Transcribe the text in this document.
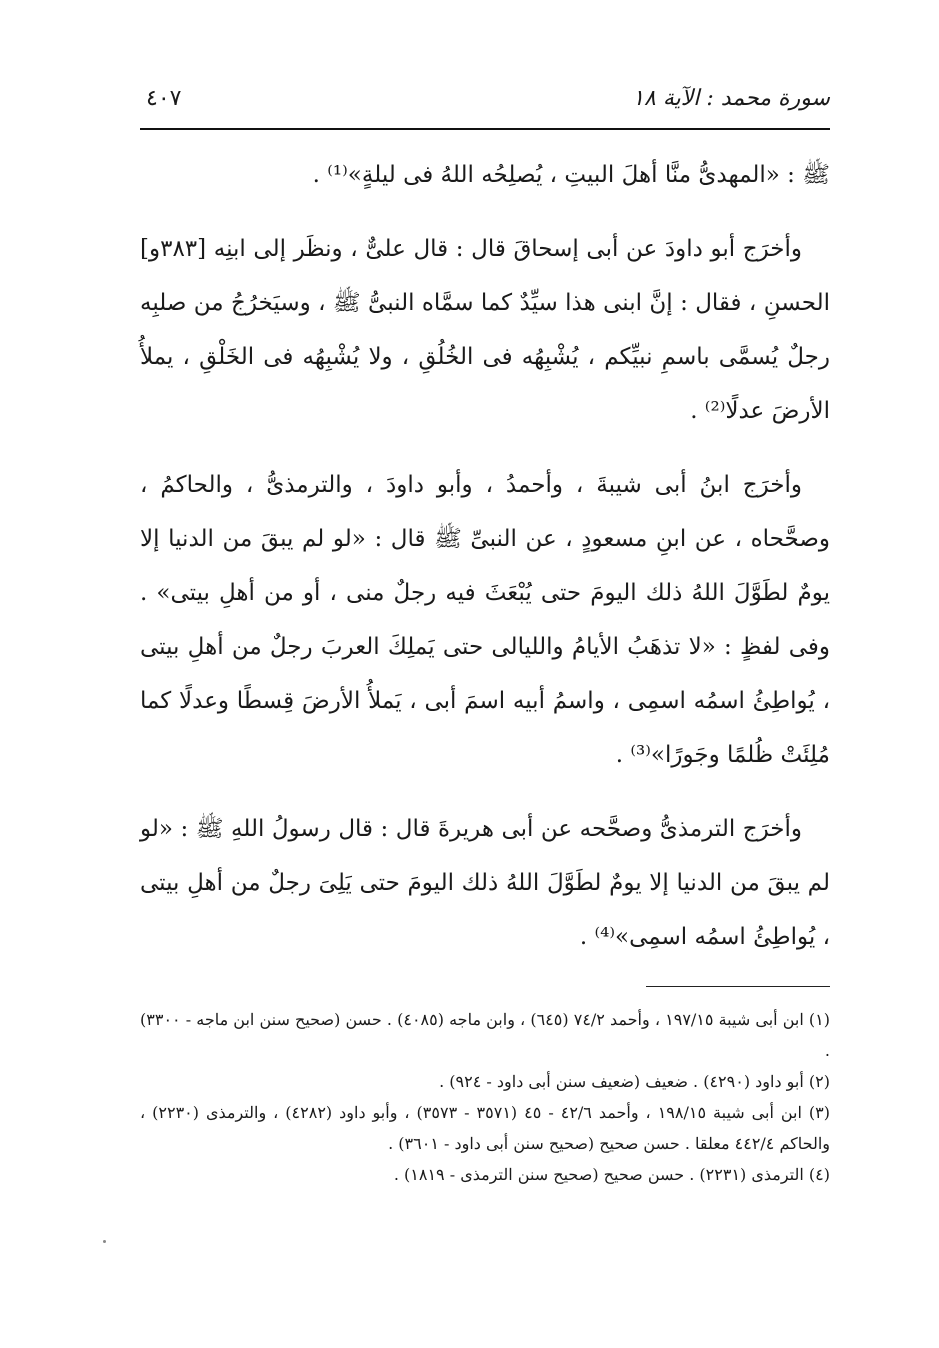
سورة محمد : الآية ١٨
٤٠٧

ﷺ : «المهدىُّ منَّا أهلَ البيتِ ، يُصلِحُه اللهُ فى ليلةٍ»⁽¹⁾ .

وأخرَج أبو داودَ عن أبى إسحاقَ قال : قال علىٌّ ، ونظَر إلى ابنِه [٣٨٣و] الحسنِ ، فقال : إنَّ ابنى هذا سيِّدٌ كما سمَّاه النبىُّ ﷺ ، وسيَخرُجُ من صلبِه رجلٌ يُسمَّى باسمِ نبيِّكم ، يُشْبِهُه فى الخُلُقِ ، ولا يُشْبِهُه فى الخَلْقِ ، يملأُ الأرضَ عدلًا⁽²⁾ .

وأخرَج ابنُ أبى شيبةَ ، وأحمدُ ، وأبو داودَ ، والترمذىُّ ، والحاكمُ ، وصحَّحاه ، عن ابنِ مسعودٍ ، عن النبىِّ ﷺ قال : «لو لم يبقَ من الدنيا إلا يومٌ لطَوَّلَ اللهُ ذلك اليومَ حتى يُبْعَثَ فيه رجلٌ منى ، أو من أهلِ بيتى» . وفى لفظٍ : «لا تذهَبُ الأيامُ والليالى حتى يَملِكَ العربَ رجلٌ من أهلِ بيتى ، يُواطِئُ اسمُه اسمِى ، واسمُ أبيه اسمَ أبى ، يَملأُ الأرضَ قِسطًا وعدلًا كما مُلِئَتْ ظُلمًا وجَورًا»⁽³⁾ .

وأخرَج الترمذىُّ وصحَّحه عن أبى هريرةَ قال : قال رسولُ اللهِ ﷺ : «لو لم يبقَ من الدنيا إلا يومٌ لطَوَّلَ اللهُ ذلك اليومَ حتى يَلِىَ رجلٌ من أهلِ بيتى ، يُواطِئُ اسمُه اسمِى»⁽⁴⁾ .

(١) ابن أبى شيبة ١٩٧/١٥ ، وأحمد ٧٤/٢ (٦٤٥) ، وابن ماجه (٤٠٨٥) . حسن (صحيح سنن ابن ماجه - ٣٣٠٠) .

(٢) أبو داود (٤٢٩٠) . ضعيف (ضعيف سنن أبى داود - ٩٢٤) .

(٣) ابن أبى شيبة ١٩٨/١٥ ، وأحمد ٤٢/٦ - ٤٥ (٣٥٧١ - ٣٥٧٣) ، وأبو داود (٤٢٨٢) ، والترمذى (٢٢٣٠) ، والحاكم ٤٤٢/٤ معلقا . حسن صحيح (صحيح سنن أبى داود - ٣٦٠١) .

(٤) الترمذى (٢٢٣١) . حسن صحيح (صحيح سنن الترمذى - ١٨١٩) .
